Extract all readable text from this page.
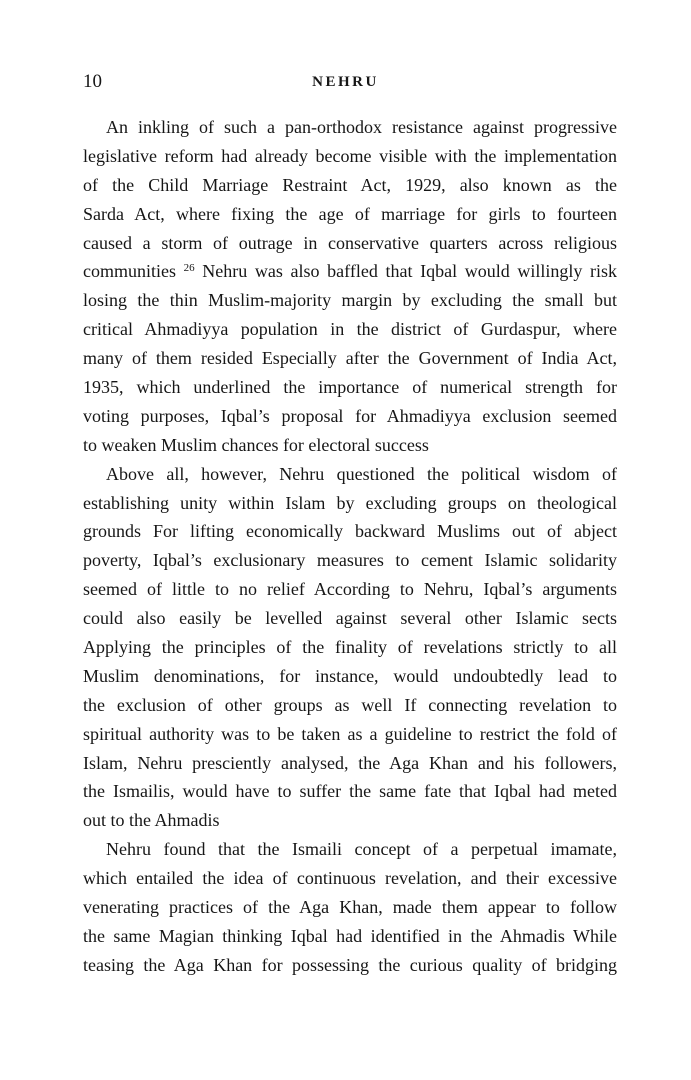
10	NEHRU
An inkling of such a pan-orthodox resistance against progressive
legislative reform had already become visible with the implementation
of the Child Marriage Restraint Act, 1929, also known as the
Sarda Act, where fixing the age of marriage for girls to fourteen
caused a storm of outrage in conservative quarters across religious
communities $^{26}$ Nehru was also baffled that Iqbal would willingly risk
losing the thin Muslim-majority margin by excluding the small but
critical Ahmadiyya population in the district of Gurdaspur, where
many of them resided Especially after the Government of India Act,
1935, which underlined the importance of numerical strength for
voting purposes, Iqbal’s proposal for Ahmadiyya exclusion seemed
to weaken Muslim chances for electoral success
Above all, however, Nehru questioned the political wisdom of
establishing unity within Islam by excluding groups on theological
grounds For lifting economically backward Muslims out of abject
poverty, Iqbal’s exclusionary measures to cement Islamic solidarity
seemed of little to no relief According to Nehru, Iqbal’s arguments
could also easily be levelled against several other Islamic sects
Applying the principles of the finality of revelations strictly to all
Muslim denominations, for instance, would undoubtedly lead to
the exclusion of other groups as well If connecting revelation to
spiritual authority was to be taken as a guideline to restrict the fold of
Islam, Nehru presciently analysed, the Aga Khan and his followers,
the Ismailis, would have to suffer the same fate that Iqbal had meted
out to the Ahmadis
Nehru found that the Ismaili concept of a perpetual imamate,
which entailed the idea of continuous revelation, and their excessive
venerating practices of the Aga Khan, made them appear to follow
the same Magian thinking Iqbal had identified in the Ahmadis While
teasing the Aga Khan for possessing the curious quality of bridging
